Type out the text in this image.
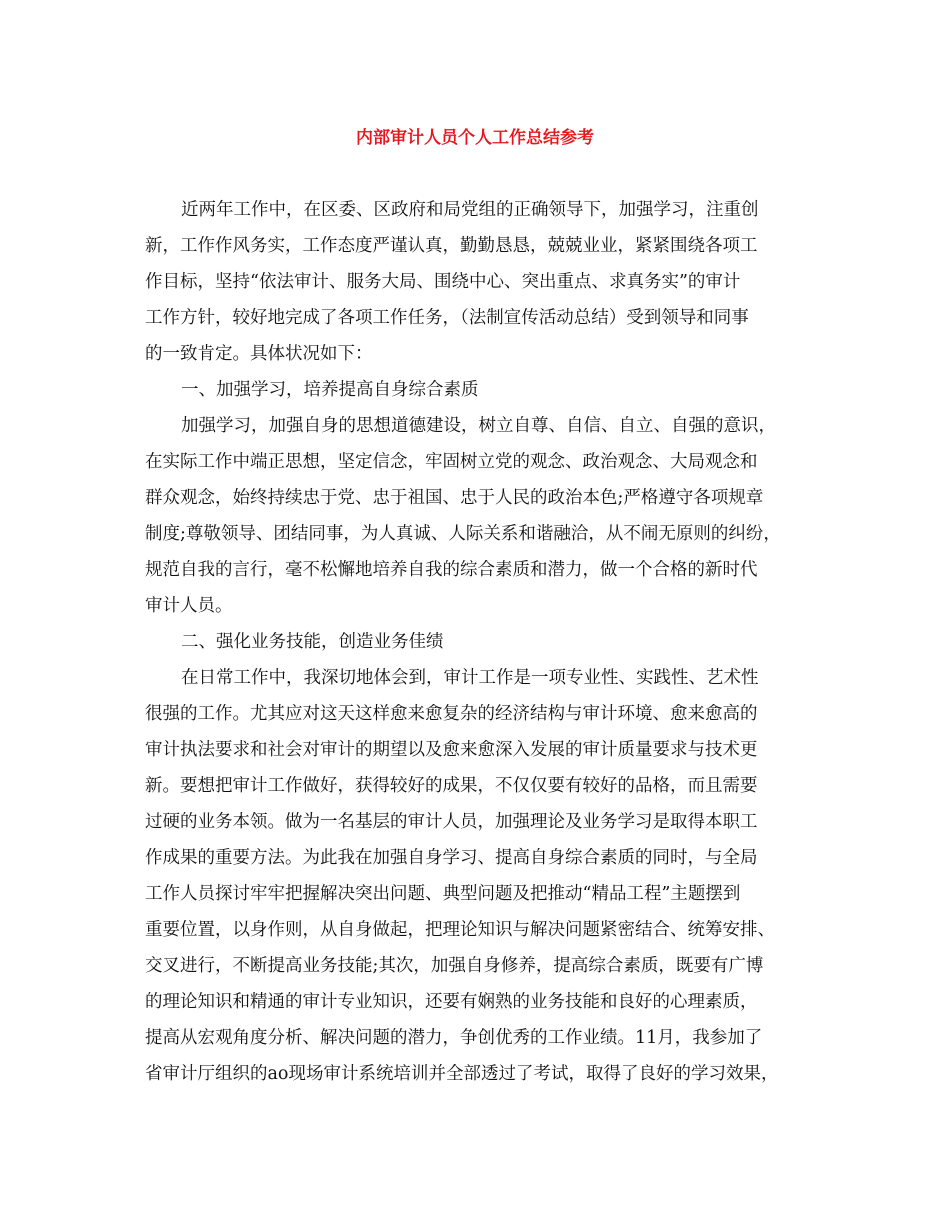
内部审计人员个人工作总结参考
近两年工作中，在区委、区政府和局党组的正确领导下，加强学习，注重创
新，工作作风务实，工作态度严谨认真，勤勤恳恳，兢兢业业，紧紧围绕各项工
作目标，坚持“依法审计、服务大局、围绕中心、突出重点、求真务实”的审计
工作方针，较好地完成了各项工作任务，（法制宣传活动总结）受到领导和同事
的一致肯定。具体状况如下：
一、加强学习，培养提高自身综合素质
加强学习，加强自身的思想道德建设，树立自尊、自信、自立、自强的意识，
在实际工作中端正思想，坚定信念，牢固树立党的观念、政治观念、大局观念和
群众观念，始终持续忠于党、忠于祖国、忠于人民的政治本色;严格遵守各项规章
制度;尊敬领导、团结同事，为人真诚、人际关系和谐融洽，从不闹无原则的纠纷，
规范自我的言行，毫不松懈地培养自我的综合素质和潜力，做一个合格的新时代
审计人员。
二、强化业务技能，创造业务佳绩
在日常工作中，我深切地体会到，审计工作是一项专业性、实践性、艺术性
很强的工作。尤其应对这天这样愈来愈复杂的经济结构与审计环境、愈来愈高的
审计执法要求和社会对审计的期望以及愈来愈深入发展的审计质量要求与技术更
新。要想把审计工作做好，获得较好的成果，不仅仅要有较好的品格，而且需要
过硬的业务本领。做为一名基层的审计人员，加强理论及业务学习是取得本职工
作成果的重要方法。为此我在加强自身学习、提高自身综合素质的同时，与全局
工作人员探讨牢牢把握解决突出问题、典型问题及把推动“精品工程”主题摆到
重要位置，以身作则，从自身做起，把理论知识与解决问题紧密结合、统筹安排、
交叉进行，不断提高业务技能;其次，加强自身修养，提高综合素质，既要有广博
的理论知识和精通的审计专业知识，还要有娴熟的业务技能和良好的心理素质，
提高从宏观角度分析、解决问题的潜力，争创优秀的工作业绩。11月，我参加了
省审计厅组织的ao现场审计系统培训并全部透过了考试，取得了良好的学习效果，
